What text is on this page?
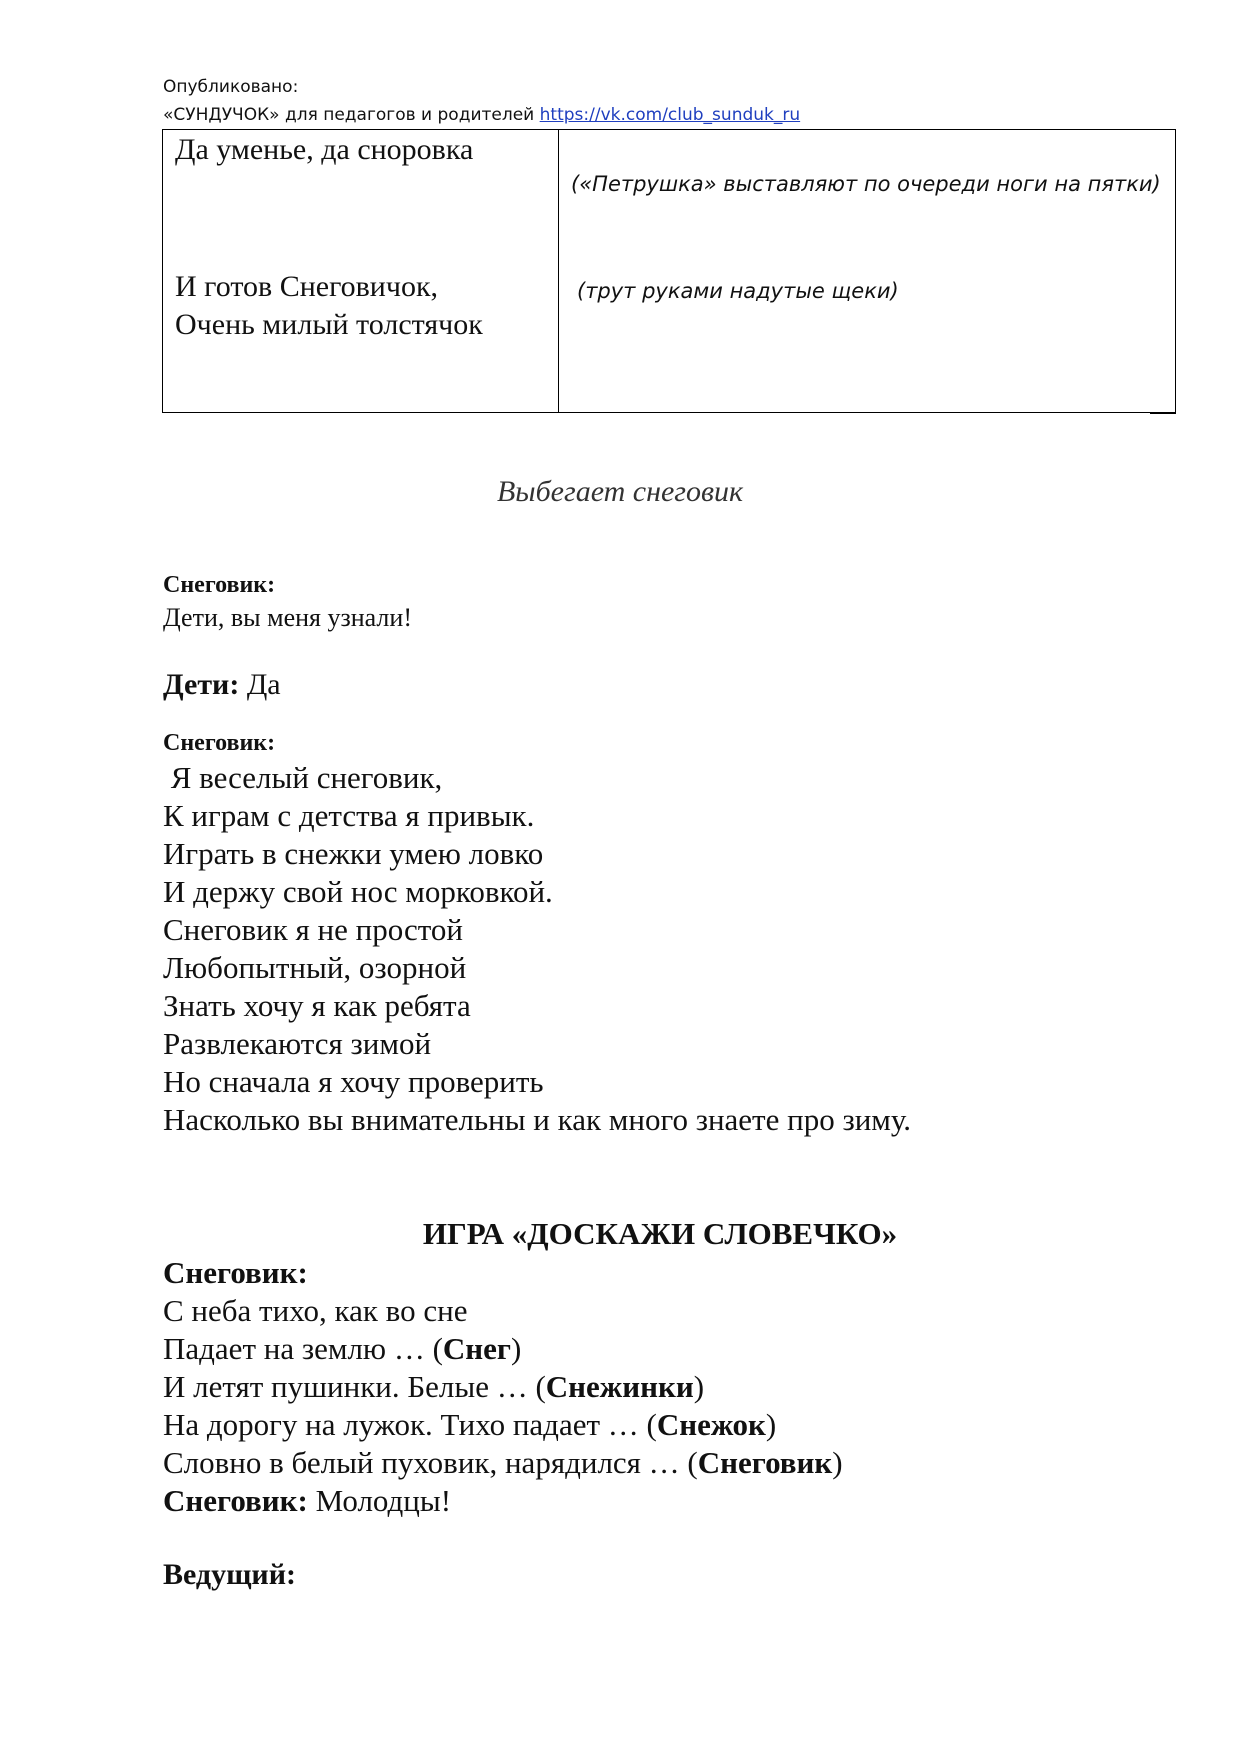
Опубликовано:
«СУНДУЧОК» для педагогов и родителей https://vk.com/club_sunduk_ru
Да уменье, да сноровка
И готов Снеговичок,
Очень милый толстячок
(«Петрушка» выставляют по очереди ноги на пятки)
(трут руками надутые щеки)
Выбегает снеговик
Снеговик:
Дети, вы меня узнали!
Дети: Да
Снеговик:
Я веселый снеговик,
К играм с детства я привык.
Играть в снежки умею ловко
И держу свой нос морковкой.
Снеговик я не простой
Любопытный, озорной
Знать хочу я как ребята
Развлекаются зимой
Но сначала я хочу проверить
Насколько вы внимательны и как много знаете про зиму.
ИГРА «ДОСКАЖИ СЛОВЕЧКО»
Снеговик:
С неба тихо, как во сне
Падает на землю … (Снег)
И летят пушинки. Белые … (Снежинки)
На дорогу на лужок. Тихо падает … (Снежок)
Словно в белый пуховик, нарядился … (Снеговик)
Снеговик: Молодцы!
Ведущий:
